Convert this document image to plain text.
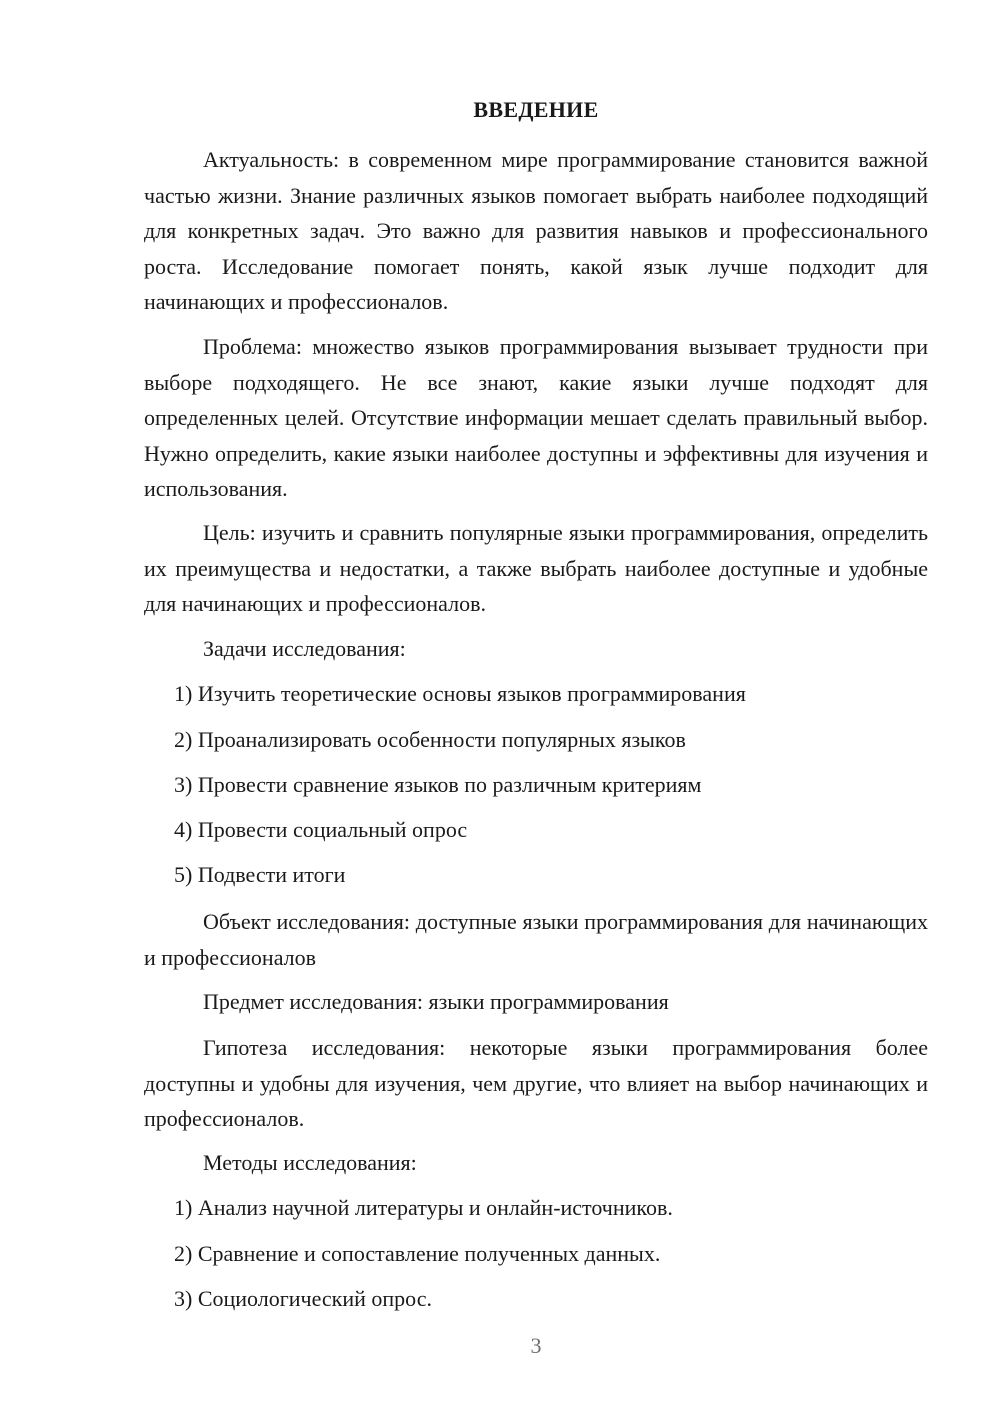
ВВЕДЕНИЕ
Актуальность: в современном мире программирование становится важной частью жизни. Знание различных языков помогает выбрать наиболее подходящий для конкретных задач. Это важно для развития навыков и профессионального роста. Исследование помогает понять, какой язык лучше подходит для начинающих и профессионалов.
Проблема: множество языков программирования вызывает трудности при выборе подходящего. Не все знают, какие языки лучше подходят для определенных целей. Отсутствие информации мешает сделать правильный выбор. Нужно определить, какие языки наиболее доступны и эффективны для изучения и использования.
Цель: изучить и сравнить популярные языки программирования, определить их преимущества и недостатки, а также выбрать наиболее доступные и удобные для начинающих и профессионалов.
Задачи исследования:
1) Изучить теоретические основы языков программирования
2) Проанализировать особенности популярных языков
3) Провести сравнение языков по различным критериям
4) Провести социальный опрос
5) Подвести итоги
Объект исследования: доступные языки программирования для начинающих и профессионалов
Предмет исследования: языки программирования
Гипотеза исследования: некоторые языки программирования более доступны и удобны для изучения, чем другие, что влияет на выбор начинающих и профессионалов.
Методы исследования:
1) Анализ научной литературы и онлайн-источников.
2) Сравнение и сопоставление полученных данных.
3) Социологический опрос.
3
